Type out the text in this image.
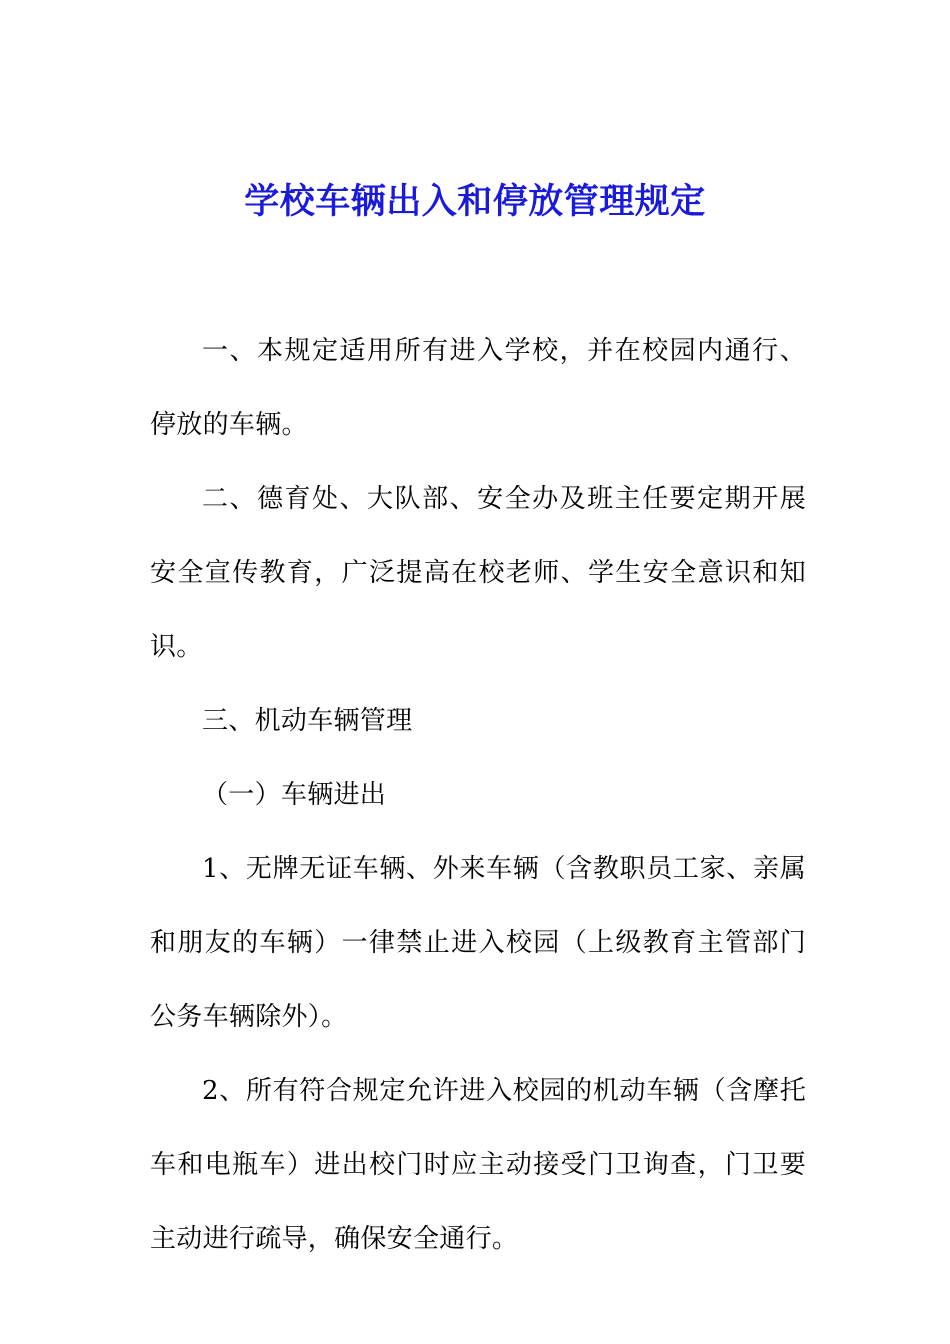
学校车辆出入和停放管理规定

一、本规定适用所有进入学校，并在校园内通行、停放的车辆。

二、德育处、大队部、安全办及班主任要定期开展安全宣传教育，广泛提高在校老师、学生安全意识和知识。

三、机动车辆管理

（一）车辆进出

1、无牌无证车辆、外来车辆（含教职员工家、亲属和朋友的车辆）一律禁止进入校园（上级教育主管部门公务车辆除外）。

2、所有符合规定允许进入校园的机动车辆（含摩托车和电瓶车）进出校门时应主动接受门卫询查，门卫要主动进行疏导，确保安全通行。
